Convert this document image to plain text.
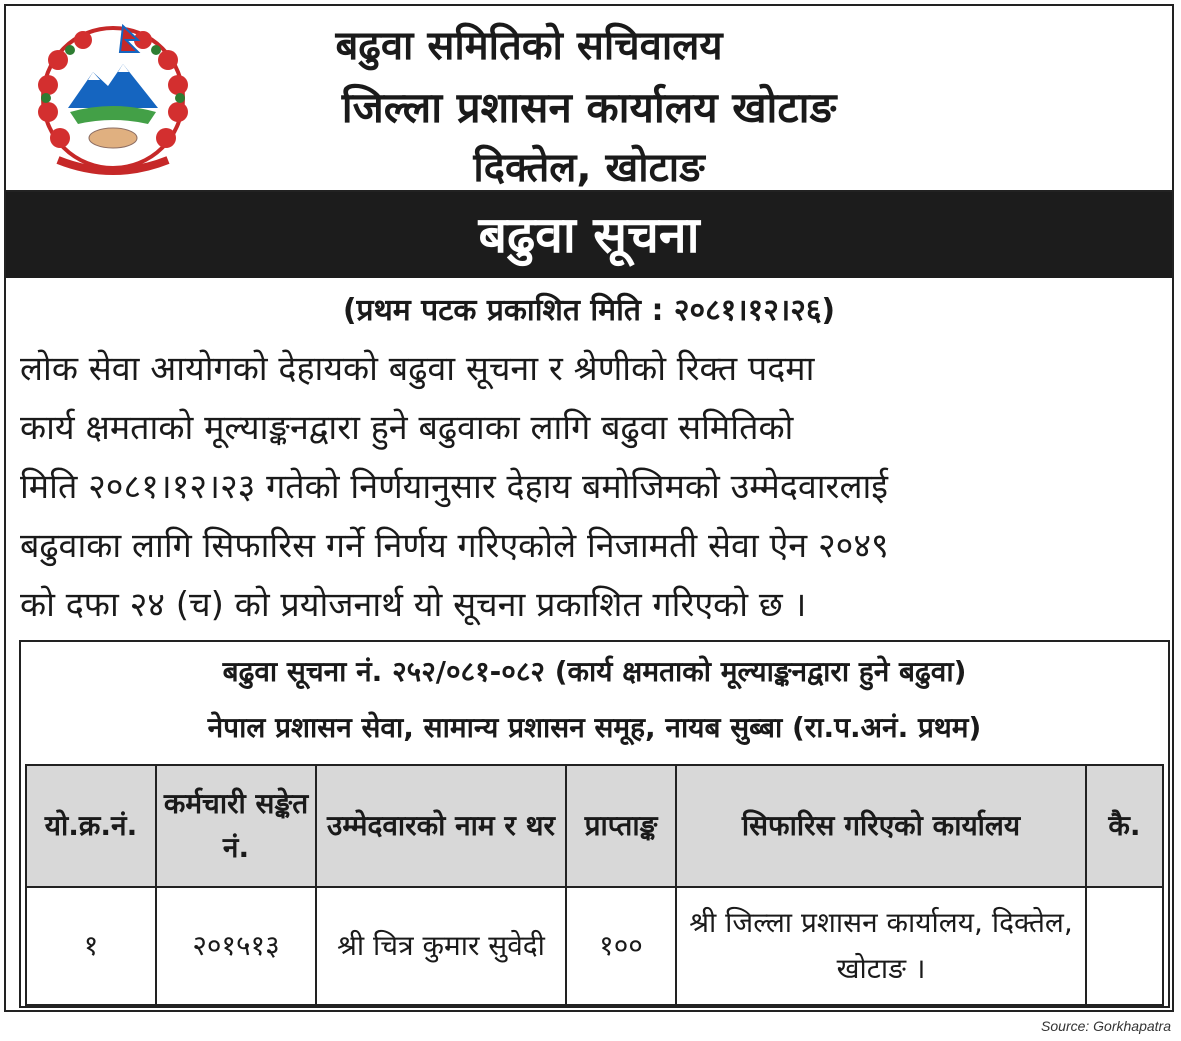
बढुवा समितिको सचिवालय
जिल्ला प्रशासन कार्यालय खोटाङ
दिक्तेल, खोटाङ
बढुवा सूचना
(प्रथम पटक प्रकाशित मिति : २०८१।१२।२६)
लोक सेवा आयोगको देहायको बढुवा सूचना र श्रेणीको रिक्त पदमा
कार्य क्षमताको मूल्याङ्कनद्वारा हुने बढुवाका लागि बढुवा समितिको
मिति २०८१।१२।२३ गतेको निर्णयानुसार देहाय बमोजिमको उम्मेदवारलाई
बढुवाका लागि सिफारिस गर्ने निर्णय गरिएकोले निजामती सेवा ऐन २०४९
को दफा २४ (च) को प्रयोजनार्थ यो सूचना प्रकाशित गरिएको छ ।
बढुवा सूचना नं. २५२/०८१-०८२ (कार्य क्षमताको मूल्याङ्कनद्वारा हुने बढुवा)
नेपाल प्रशासन सेवा, सामान्य प्रशासन समूह, नायब सुब्बा (रा.प.अनं. प्रथम)
यो.क्र.नं.	कर्मचारी सङ्केत नं.	उम्मेदवारको नाम र थर	प्राप्ताङ्क	सिफारिस गरिएको कार्यालय	कै.
१	२०१५१३	श्री चित्र कुमार सुवेदी	१००	श्री जिल्ला प्रशासन कार्यालय, दिक्तेल, खोटाङ ।	
Source: Gorkhapatra
